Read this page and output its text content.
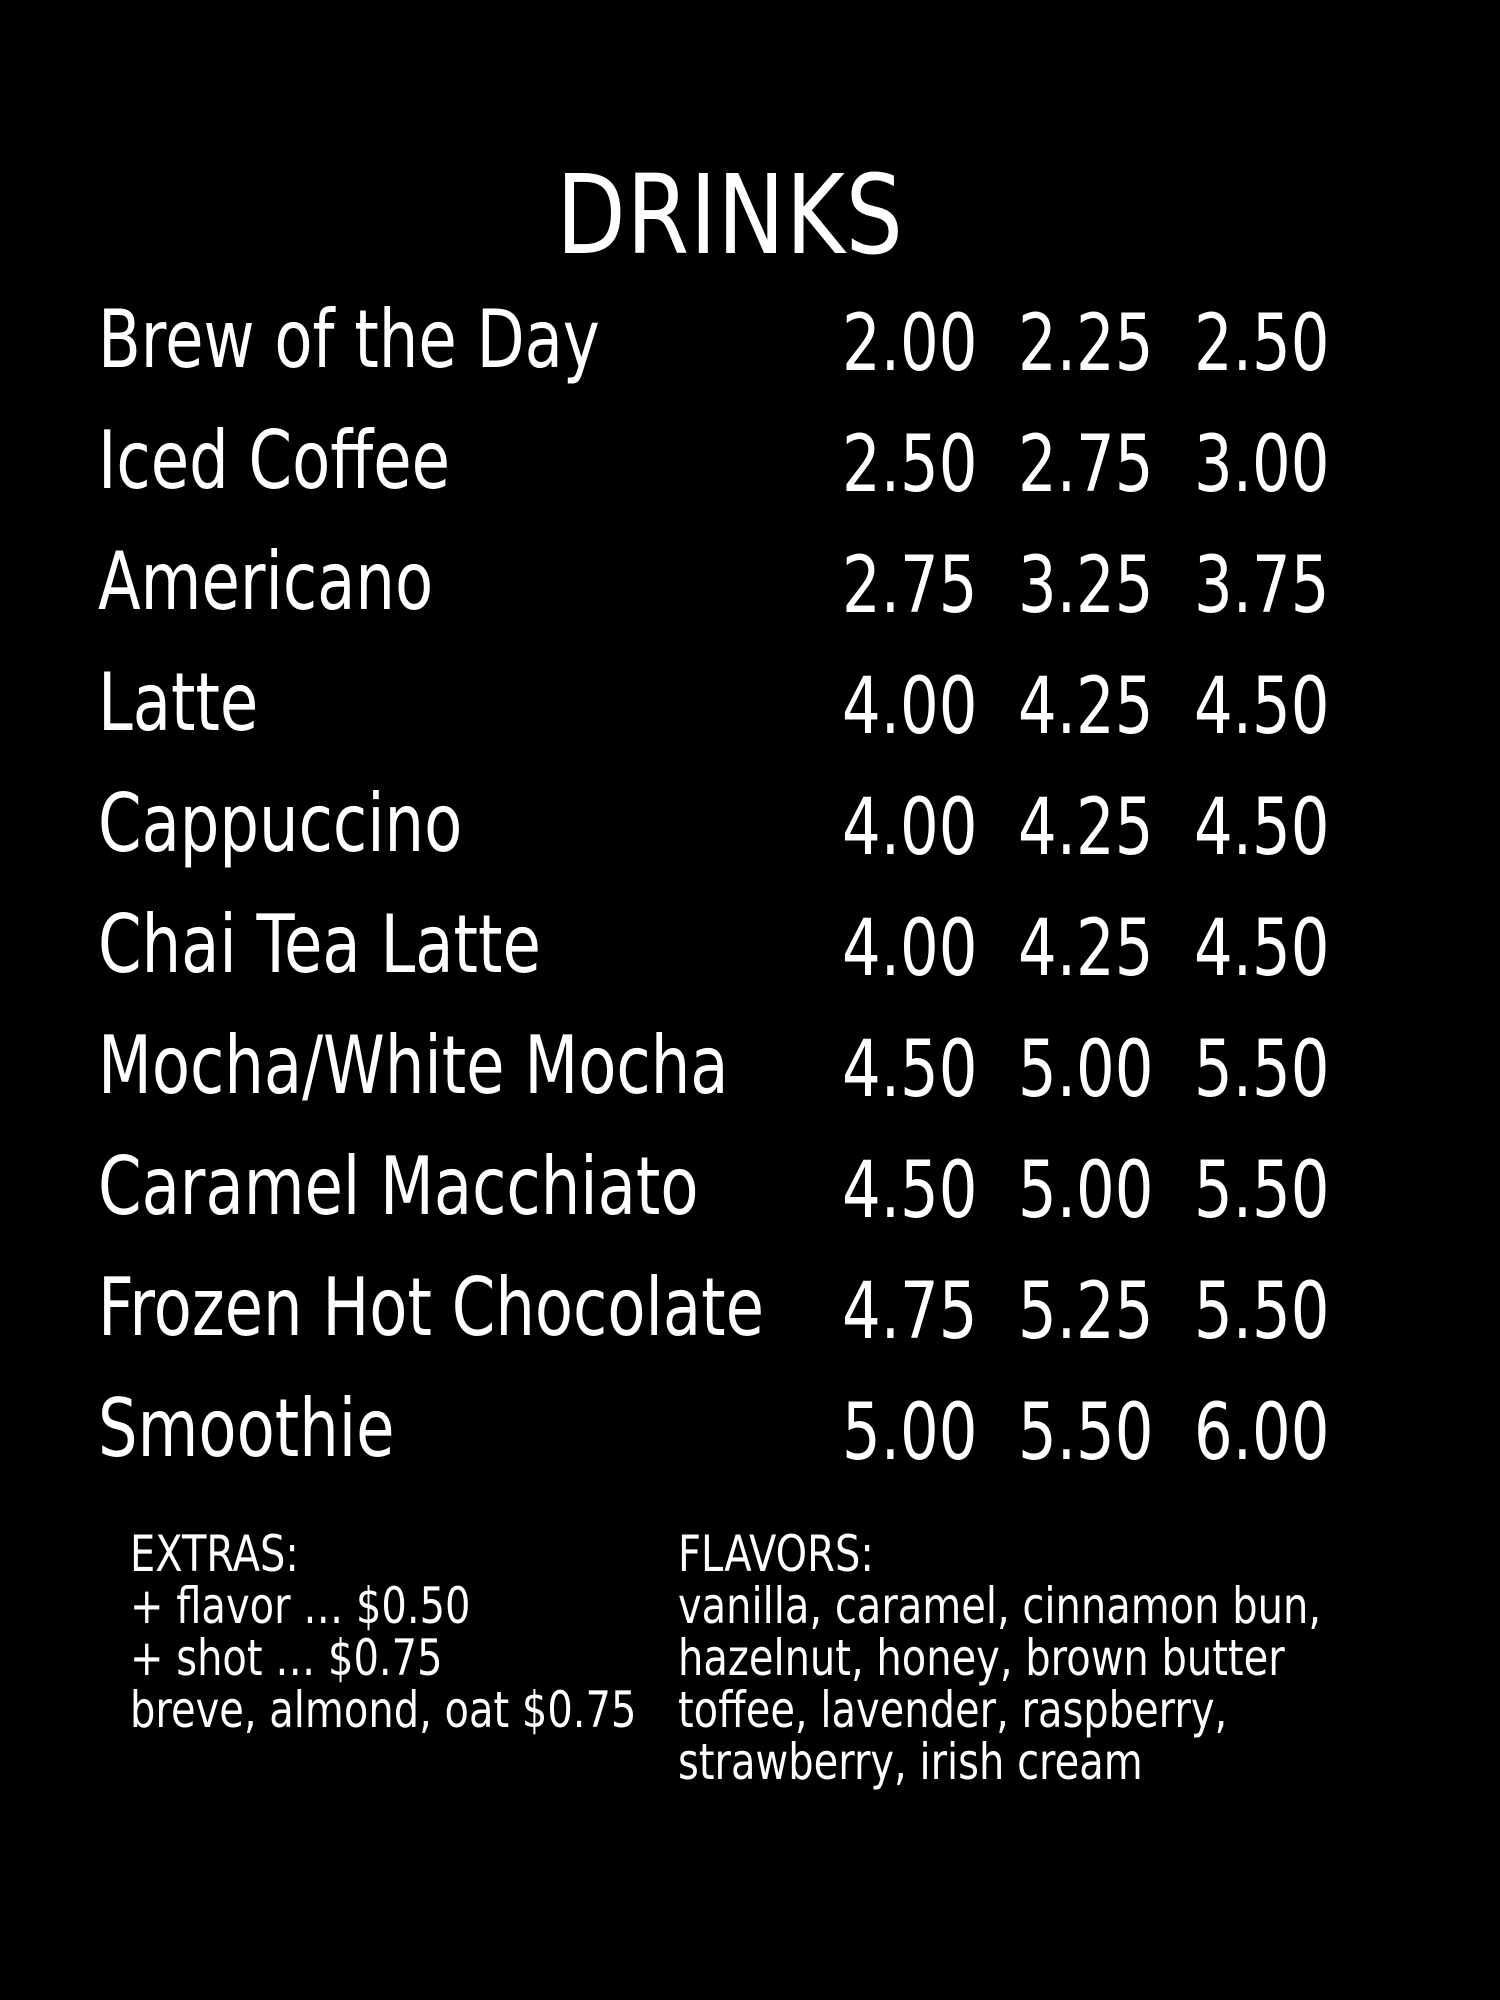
DRINKS
Brew of the Day	2.00 2.25 2.50
Iced Coffee	2.50 2.75 3.00
Americano	2.75 3.25 3.75
Latte	4.00 4.25 4.50
Cappuccino	4.00 4.25 4.50
Chai Tea Latte	4.00 4.25 4.50
Mocha/White Mocha 4.50 5.00 5.50
Caramel Macchiato 4.50 5.00 5.50
Frozen Hot Chocolate 4.75 5.25 5.50
Smoothie	5.00 5.50 6.00
EXTRAS:
+ flavor … $0.50
+ shot … $0.75
breve, almond, oat $0.75
FLAVORS:
vanilla, caramel, cinnamon bun,
hazelnut, honey, brown butter
toffee, lavender, raspberry,
strawberry, irish cream
